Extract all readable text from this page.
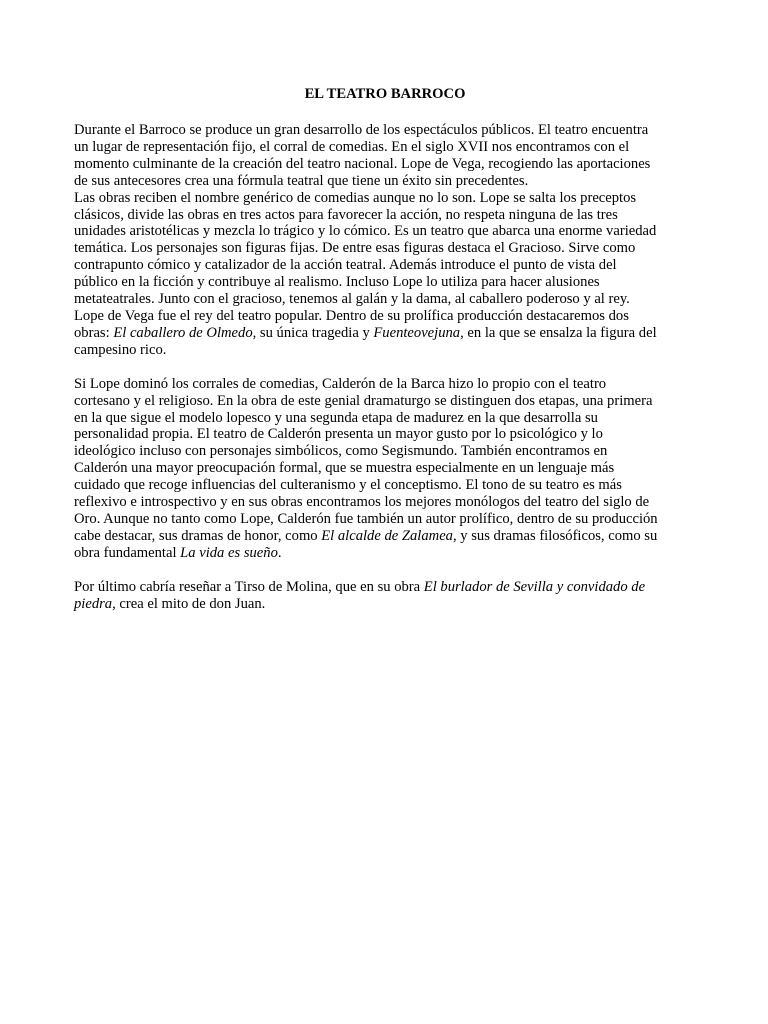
EL TEATRO BARROCO
Durante el Barroco se produce un gran desarrollo de los espectáculos públicos. El teatro encuentra
un lugar de representación fijo, el corral de comedias. En el siglo XVII nos encontramos con el
momento culminante de la creación del teatro nacional. Lope de Vega, recogiendo las aportaciones
de sus antecesores crea una fórmula teatral que tiene un éxito sin precedentes.
Las obras reciben el nombre genérico de comedias aunque no lo son. Lope se salta los preceptos
clásicos, divide las obras en tres actos para favorecer la acción, no respeta ninguna de las tres
unidades aristotélicas y mezcla lo trágico y lo cómico. Es un teatro que abarca una enorme variedad
temática. Los personajes son figuras fijas. De entre esas figuras destaca el Gracioso. Sirve como
contrapunto cómico y catalizador de la acción teatral. Además introduce el punto de vista del
público en la ficción y contribuye al realismo. Incluso Lope lo utiliza para hacer alusiones
metateatrales. Junto con el gracioso, tenemos al galán y la dama, al caballero poderoso y al rey.
Lope de Vega fue el rey del teatro popular. Dentro de su prolífica producción destacaremos dos
obras: El caballero de Olmedo, su única tragedia y Fuenteovejuna, en la que se ensalza la figura del
campesino rico.
Si Lope dominó los corrales de comedias, Calderón de la Barca hizo lo propio con el teatro
cortesano y el religioso. En la obra de este genial dramaturgo se distinguen dos etapas, una primera
en la que sigue el modelo lopesco y una segunda etapa de madurez en la que desarrolla su
personalidad propia. El teatro de Calderón presenta un mayor gusto por lo psicológico y lo
ideológico incluso con personajes simbólicos, como Segismundo. También encontramos en
Calderón una mayor preocupación formal, que se muestra especialmente en un lenguaje más
cuidado que recoge influencias del culteranismo y el conceptismo. El tono de su teatro es más
reflexivo e introspectivo y en sus obras encontramos los mejores monólogos del teatro del siglo de
Oro. Aunque no tanto como Lope, Calderón fue también un autor prolífico, dentro de su producción
cabe destacar, sus dramas de honor, como El alcalde de Zalamea, y sus dramas filosóficos, como su
obra fundamental La vida es sueño.
Por último cabría reseñar a Tirso de Molina, que en su obra El burlador de Sevilla y convidado de
piedra, crea el mito de don Juan.
